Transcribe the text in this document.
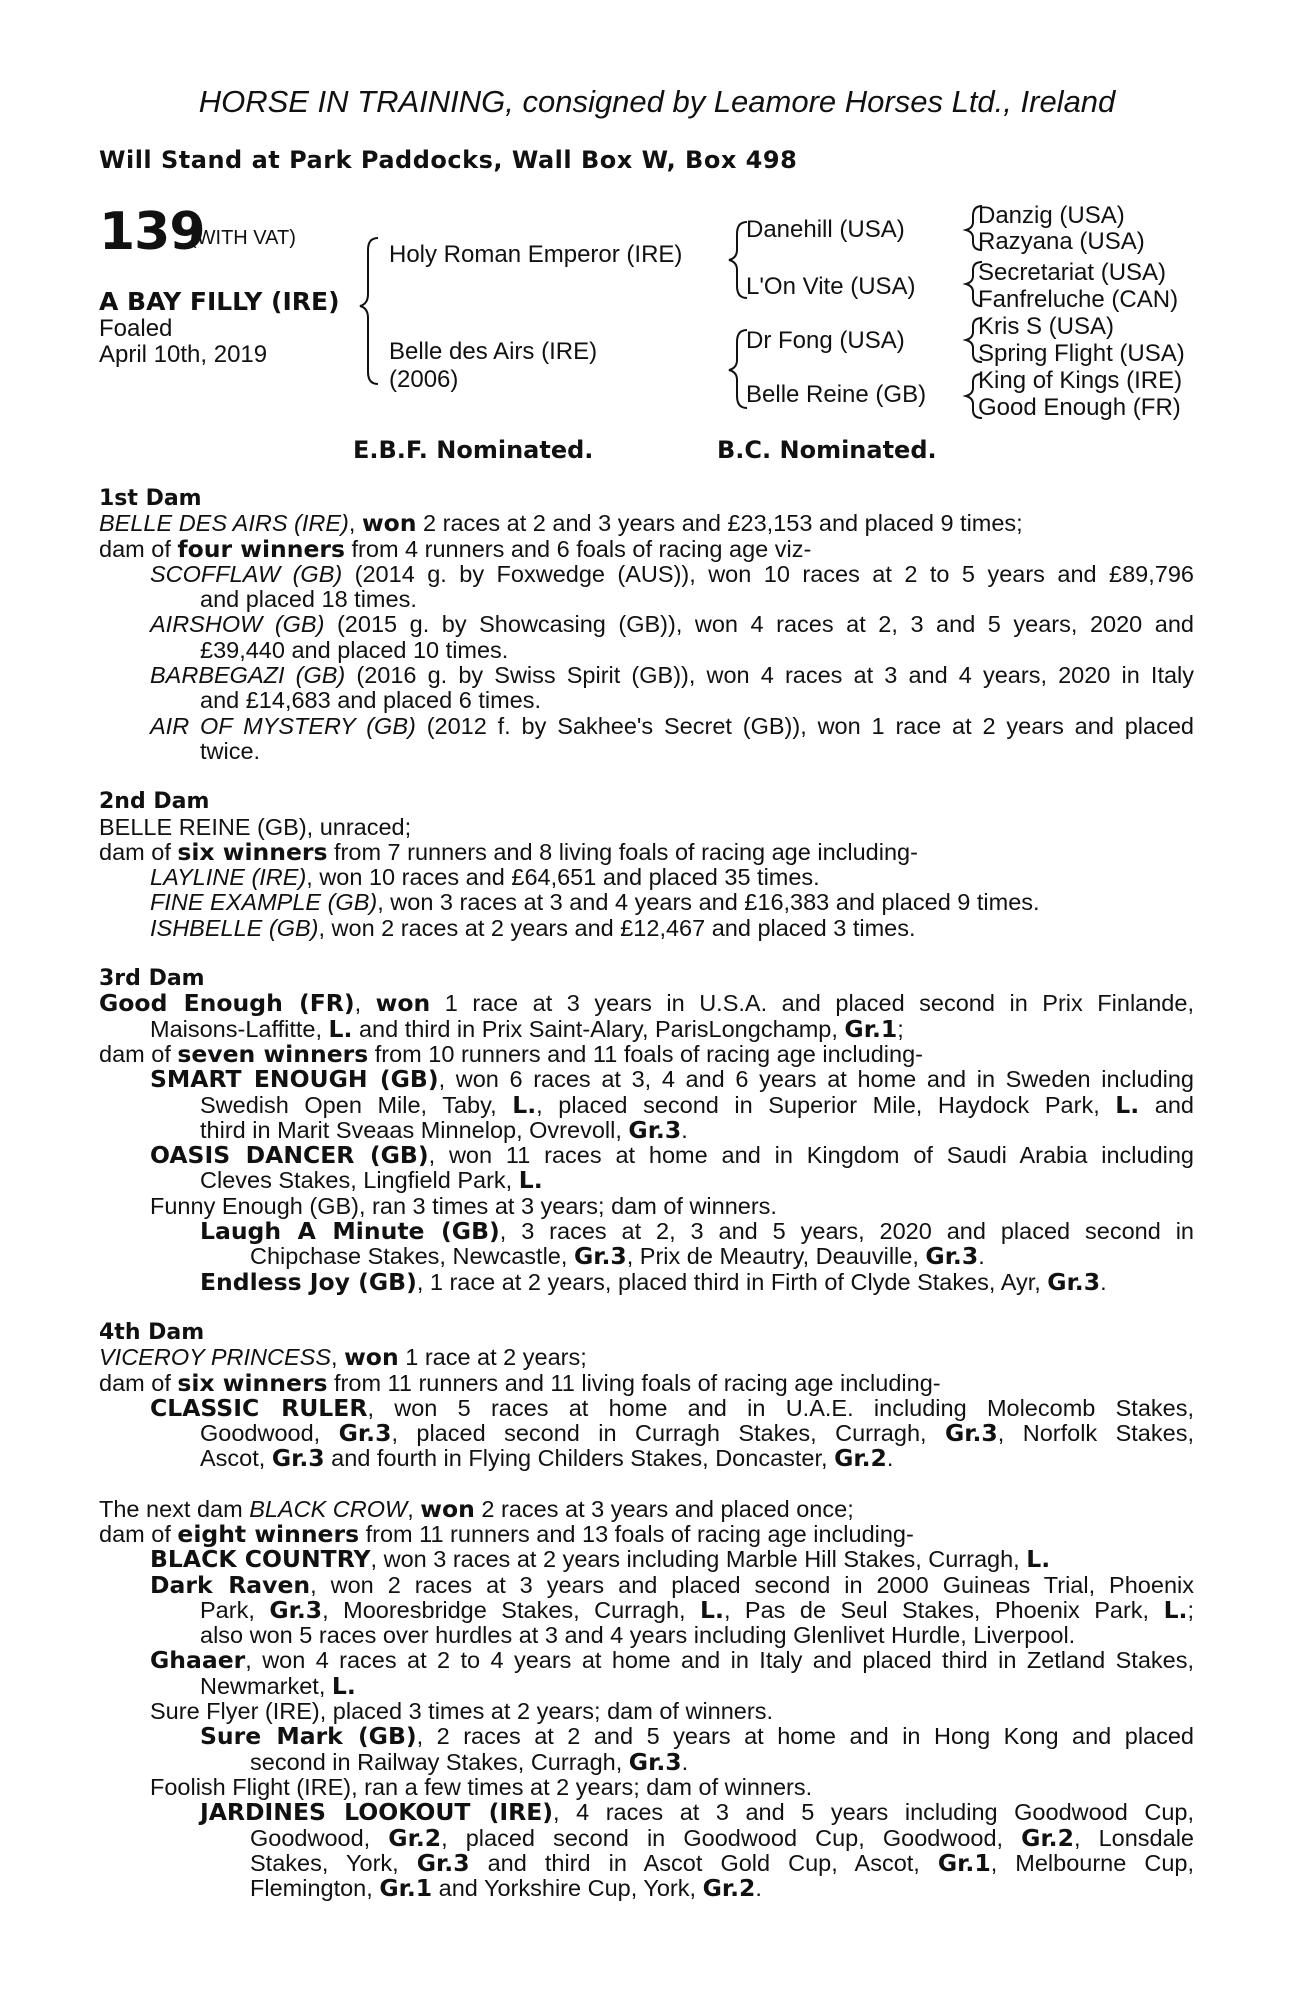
HORSE IN TRAINING, consigned by Leamore Horses Ltd., Ireland
Will Stand at Park Paddocks, Wall Box W, Box 498
139
(WITH VAT)
A BAY FILLY (IRE)
Foaled
April 10th, 2019
Holy Roman Emperor (IRE)
Belle des Airs (IRE)
(2006)
Danehill (USA)
L'On Vite (USA)
Dr Fong (USA)
Belle Reine (GB)
Danzig (USA)
Razyana (USA)
Secretariat (USA)
Fanfreluche (CAN)
Kris S (USA)
Spring Flight (USA)
King of Kings (IRE)
Good Enough (FR)
E.B.F. Nominated.	B.C. Nominated.
1st Dam
BELLE DES AIRS (IRE), won 2 races at 2 and 3 years and £23,153 and placed 9 times;
dam of four winners from 4 runners and 6 foals of racing age viz-
SCOFFLAW (GB) (2014 g. by Foxwedge (AUS)), won 10 races at 2 to 5 years and £89,796
and placed 18 times.
AIRSHOW (GB) (2015 g. by Showcasing (GB)), won 4 races at 2, 3 and 5 years, 2020 and
£39,440 and placed 10 times.
BARBEGAZI (GB) (2016 g. by Swiss Spirit (GB)), won 4 races at 3 and 4 years, 2020 in Italy
and £14,683 and placed 6 times.
AIR OF MYSTERY (GB) (2012 f. by Sakhee's Secret (GB)), won 1 race at 2 years and placed
twice.
2nd Dam
BELLE REINE (GB), unraced;
dam of six winners from 7 runners and 8 living foals of racing age including-
LAYLINE (IRE), won 10 races and £64,651 and placed 35 times.
FINE EXAMPLE (GB), won 3 races at 3 and 4 years and £16,383 and placed 9 times.
ISHBELLE (GB), won 2 races at 2 years and £12,467 and placed 3 times.
3rd Dam
Good Enough (FR), won 1 race at 3 years in U.S.A. and placed second in Prix Finlande,
Maisons-Laffitte, L. and third in Prix Saint-Alary, ParisLongchamp, Gr.1;
dam of seven winners from 10 runners and 11 foals of racing age including-
SMART ENOUGH (GB), won 6 races at 3, 4 and 6 years at home and in Sweden including
Swedish Open Mile, Taby, L., placed second in Superior Mile, Haydock Park, L. and
third in Marit Sveaas Minnelop, Ovrevoll, Gr.3.
OASIS DANCER (GB), won 11 races at home and in Kingdom of Saudi Arabia including
Cleves Stakes, Lingfield Park, L.
Funny Enough (GB), ran 3 times at 3 years; dam of winners.
Laugh A Minute (GB), 3 races at 2, 3 and 5 years, 2020 and placed second in
Chipchase Stakes, Newcastle, Gr.3, Prix de Meautry, Deauville, Gr.3.
Endless Joy (GB), 1 race at 2 years, placed third in Firth of Clyde Stakes, Ayr, Gr.3.
4th Dam
VICEROY PRINCESS, won 1 race at 2 years;
dam of six winners from 11 runners and 11 living foals of racing age including-
CLASSIC RULER, won 5 races at home and in U.A.E. including Molecomb Stakes,
Goodwood, Gr.3, placed second in Curragh Stakes, Curragh, Gr.3, Norfolk Stakes,
Ascot, Gr.3 and fourth in Flying Childers Stakes, Doncaster, Gr.2.
The next dam BLACK CROW, won 2 races at 3 years and placed once;
dam of eight winners from 11 runners and 13 foals of racing age including-
BLACK COUNTRY, won 3 races at 2 years including Marble Hill Stakes, Curragh, L.
Dark Raven, won 2 races at 3 years and placed second in 2000 Guineas Trial, Phoenix
Park, Gr.3, Mooresbridge Stakes, Curragh, L., Pas de Seul Stakes, Phoenix Park, L.;
also won 5 races over hurdles at 3 and 4 years including Glenlivet Hurdle, Liverpool.
Ghaaer, won 4 races at 2 to 4 years at home and in Italy and placed third in Zetland Stakes,
Newmarket, L.
Sure Flyer (IRE), placed 3 times at 2 years; dam of winners.
Sure Mark (GB), 2 races at 2 and 5 years at home and in Hong Kong and placed
second in Railway Stakes, Curragh, Gr.3.
Foolish Flight (IRE), ran a few times at 2 years; dam of winners.
JARDINES LOOKOUT (IRE), 4 races at 3 and 5 years including Goodwood Cup,
Goodwood, Gr.2, placed second in Goodwood Cup, Goodwood, Gr.2, Lonsdale
Stakes, York, Gr.3 and third in Ascot Gold Cup, Ascot, Gr.1, Melbourne Cup,
Flemington, Gr.1 and Yorkshire Cup, York, Gr.2.
